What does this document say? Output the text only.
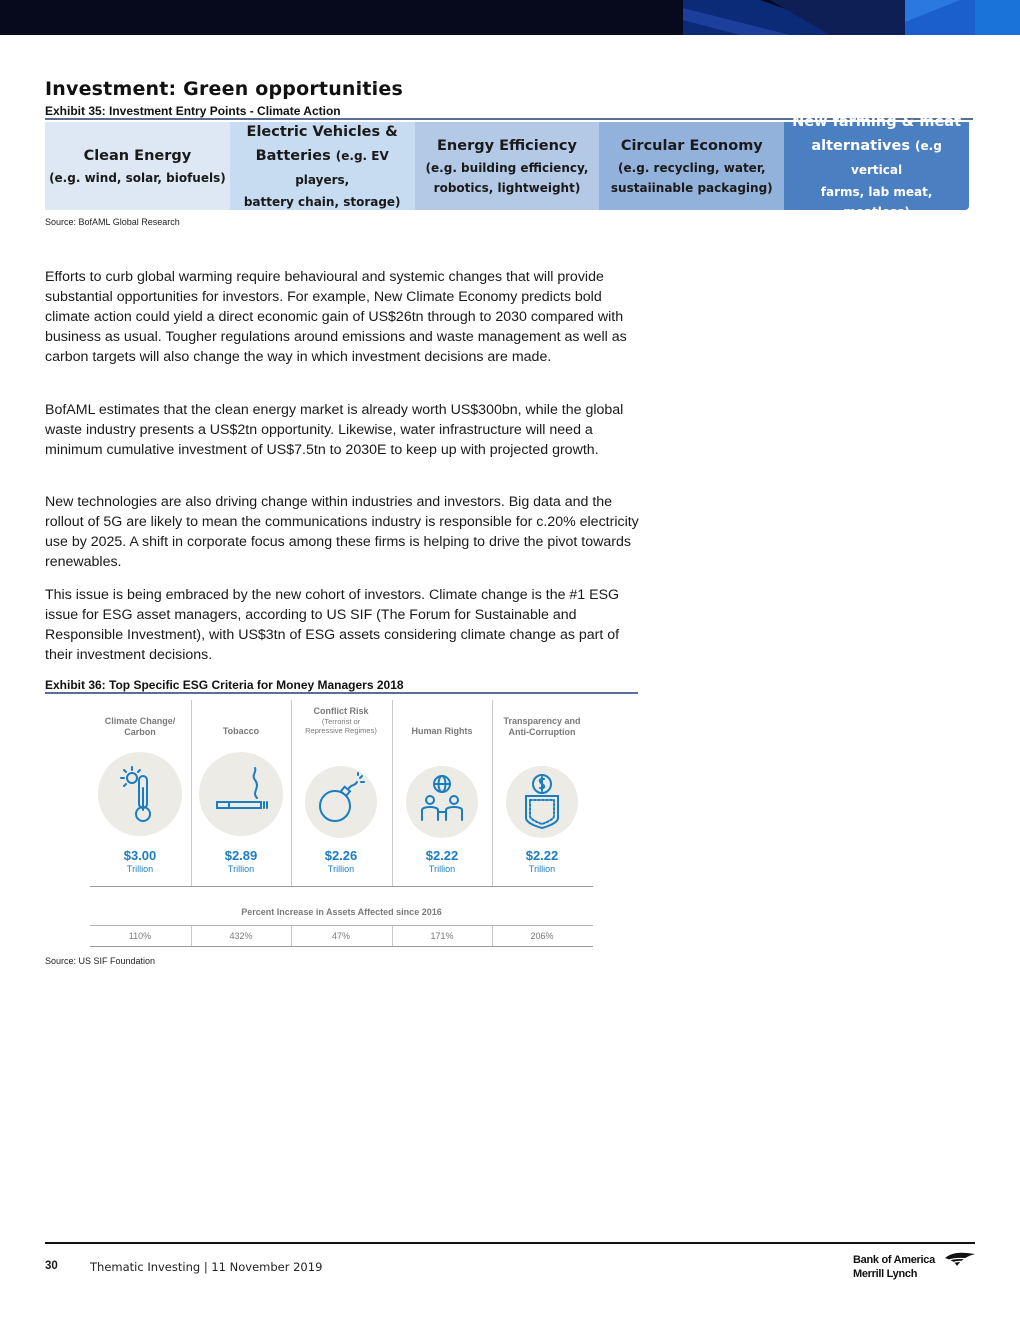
Investment: Green opportunities
Exhibit 35: Investment Entry Points - Climate Action
Clean Energy
(e.g. wind, solar, biofuels)
Electric Vehicles &
Batteries (e.g. EV players,
battery chain, storage)
Energy Efficiency
(e.g. building efficiency,
robotics, lightweight)
Circular Economy
(e.g. recycling, water,
sustaiinable packaging)
New farming & meat
alternatives (e.g vertical
farms, lab meat, meatless)
Source: BofAML Global Research

Efforts to curb global warming require behavioural and systemic changes that will provide substantial opportunities for investors. For example, New Climate Economy predicts bold climate action could yield a direct economic gain of US$26tn through to 2030 compared with business as usual. Tougher regulations around emissions and waste management as well as carbon targets will also change the way in which investment decisions are made.

BofAML estimates that the clean energy market is already worth US$300bn, while the global waste industry presents a US$2tn opportunity. Likewise, water infrastructure will need a minimum cumulative investment of US$7.5tn to 2030E to keep up with projected growth.

New technologies are also driving change within industries and investors. Big data and the rollout of 5G are likely to mean the communications industry is responsible for c.20% electricity use by 2025. A shift in corporate focus among these firms is helping to drive the pivot towards renewables.

This issue is being embraced by the new cohort of investors. Climate change is the #1 ESG issue for ESG asset managers, according to US SIF (The Forum for Sustainable and Responsible Investment), with US$3tn of ESG assets considering climate change as part of their investment decisions.

Exhibit 36: Top Specific ESG Criteria for Money Managers 2018
Climate Change/
Carbon
$3.00
Trillion
Tobacco
$2.89
Trillion
Conflict Risk

(Terrorist or
Repressive Regimes)
$2.26
Trillion
Human Rights
$2.22
Trillion
Transparency and
Anti-Corruption
$2.22
Trillion
Percent Increase in Assets Affected since 2016
110%	432%	47%	171%	206%
Source: US SIF Foundation
30	Thematic Investing | 11 November 2019	Bank of America
Merrill Lynch
